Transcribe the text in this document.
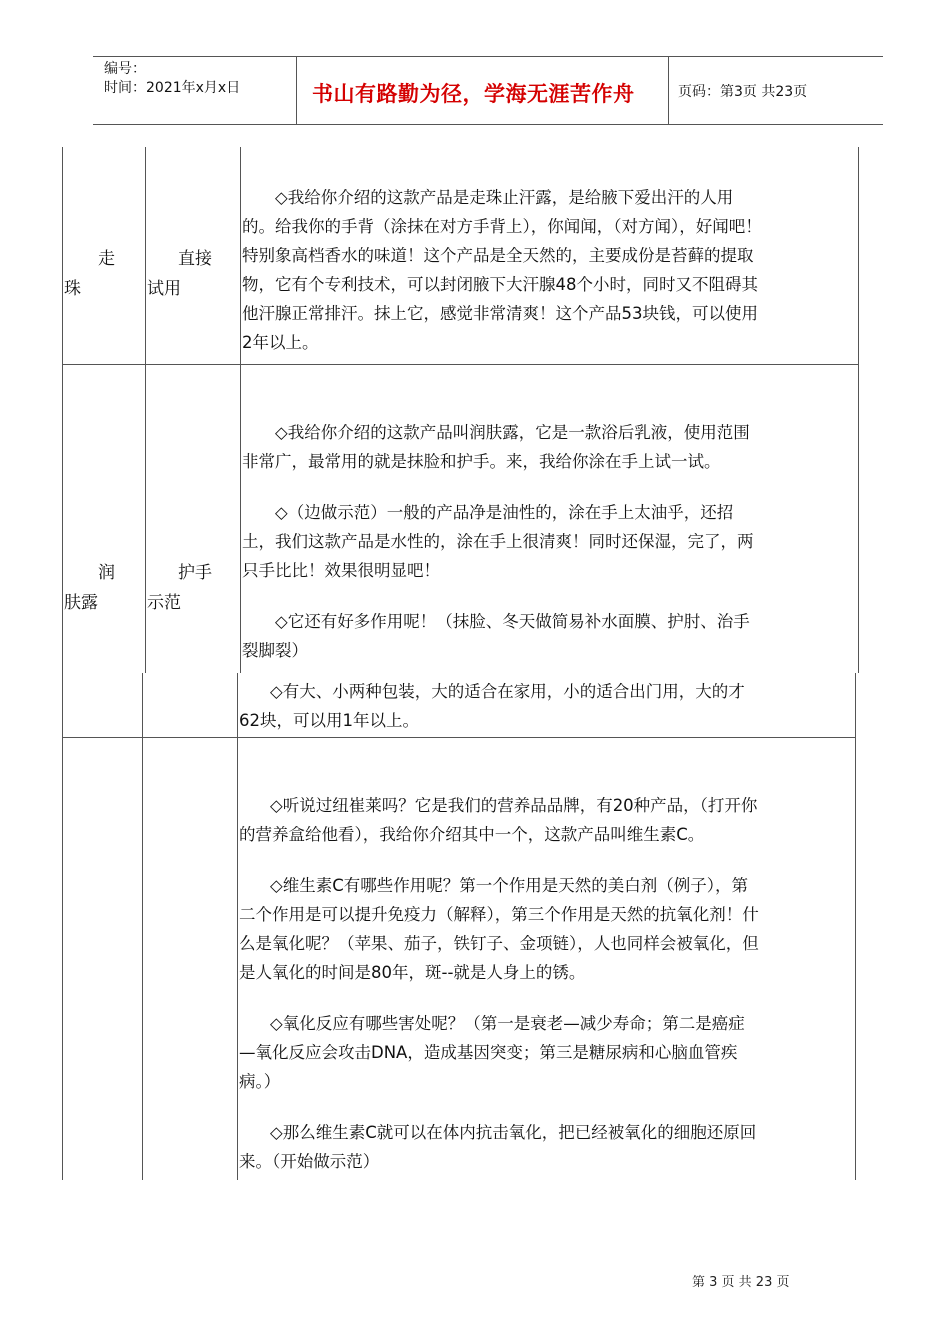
编号：
时间：2021年x月x日	书山有路勤为径，学海无涯苦作舟	页码：第3页 共23页
走
珠
直接
试用

◇我给你介绍的这款产品是走珠止汗露，是给腋下爱出汗的人用的。给我你的手背（涂抹在对方手背上），你闻闻，（对方闻），好闻吧！特别象高档香水的味道！这个产品是全天然的，主要成份是苔藓的提取物，它有个专利技术，可以封闭腋下大汗腺48个小时，同时又不阻碍其他汗腺正常排汗。抹上它，感觉非常清爽！这个产品53块钱，可以使用2年以上。

润
肤露
护手
示范

◇我给你介绍的这款产品叫润肤露，它是一款浴后乳液，使用范围非常广，最常用的就是抹脸和护手。来，我给你涂在手上试一试。

◇（边做示范）一般的产品净是油性的，涂在手上太油乎，还招土，我们这款产品是水性的，涂在手上很清爽！同时还保湿，完了，两只手比比！效果很明显吧！

◇它还有好多作用呢！（抹脸、冬天做简易补水面膜、护肘、治手裂脚裂）

◇有大、小两种包装，大的适合在家用，小的适合出门用，大的才62块，可以用1年以上。

◇听说过纽崔莱吗？它是我们的营养品品牌，有20种产品，（打开你的营养盒给他看），我给你介绍其中一个，这款产品叫维生素C。

◇维生素C有哪些作用呢？第一个作用是天然的美白剂（例子），第二个作用是可以提升免疫力（解释），第三个作用是天然的抗氧化剂！什么是氧化呢？（苹果、茄子，铁钉子、金项链），人也同样会被氧化，但是人氧化的时间是80年，斑--就是人身上的锈。

◇氧化反应有哪些害处呢？（第一是衰老—减少寿命；第二是癌症—氧化反应会攻击DNA，造成基因突变；第三是糖尿病和心脑血管疾病。）

◇那么维生素C就可以在体内抗击氧化，把已经被氧化的细胞还原回来。（开始做示范）

第 3 页 共 23 页
